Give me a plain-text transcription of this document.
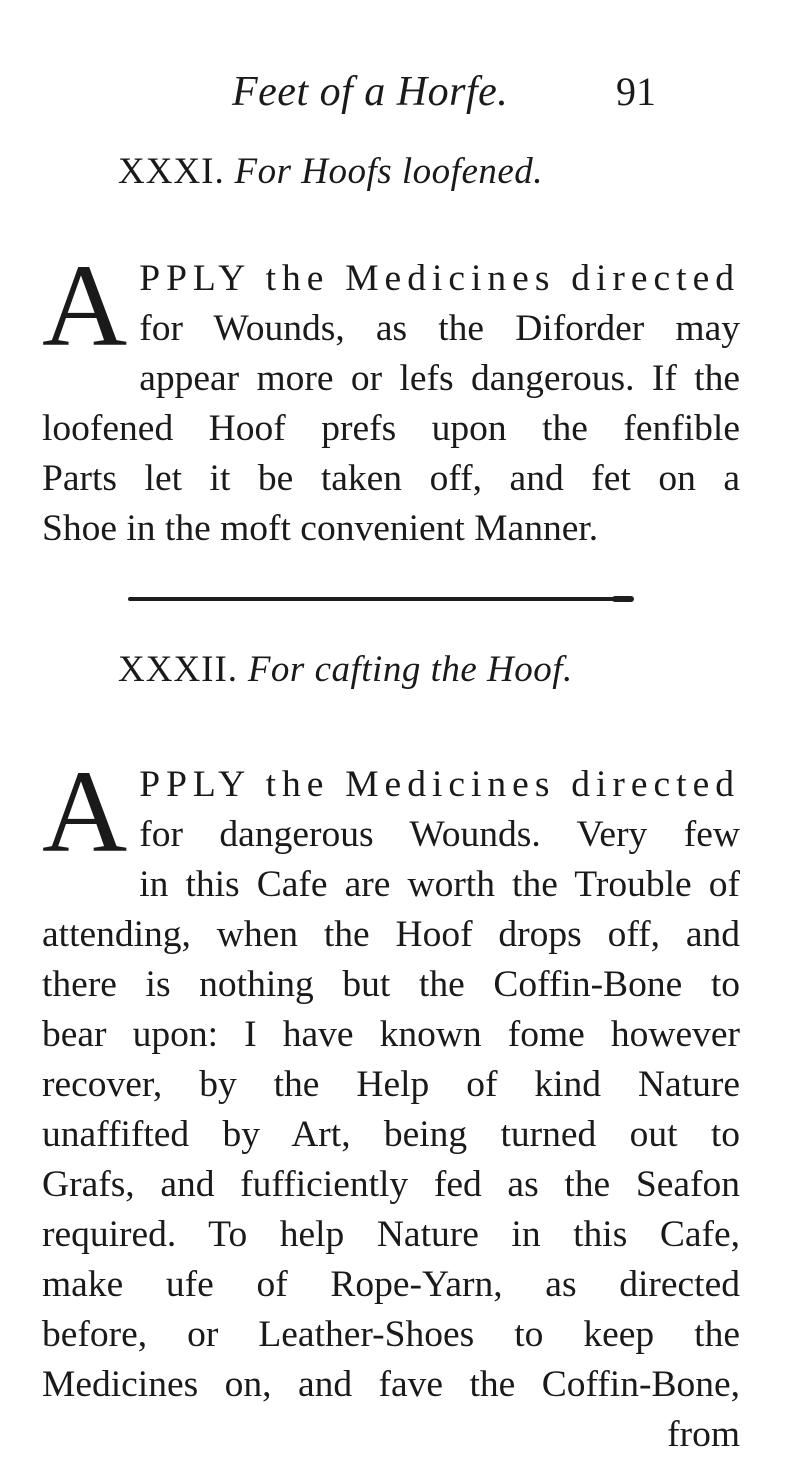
Feet of a Horfe.	91
XXXI. For Hoofs loofened.
A PPLY the Medicines directed
for Wounds, as the Diforder may
appear more or lefs dangerous. If the
loofened Hoof prefs upon the fenfible
Parts let it be taken off, and fet on a
Shoe in the moft convenient Manner.
XXXII. For cafting the Hoof.
A PPLY the Medicines directed
for dangerous Wounds. Very few
in this Cafe are worth the Trouble of
attending, when the Hoof drops off, and
there is nothing but the Coffin-Bone to
bear upon: I have known fome however
recover, by the Help of kind Nature
unaffifted by Art, being turned out to
Grafs, and fufficiently fed as the Seafon
required. To help Nature in this Cafe,
make ufe of Rope-Yarn, as directed
before, or Leather-Shoes to keep the
Medicines on, and fave the Coffin-Bone,
from
